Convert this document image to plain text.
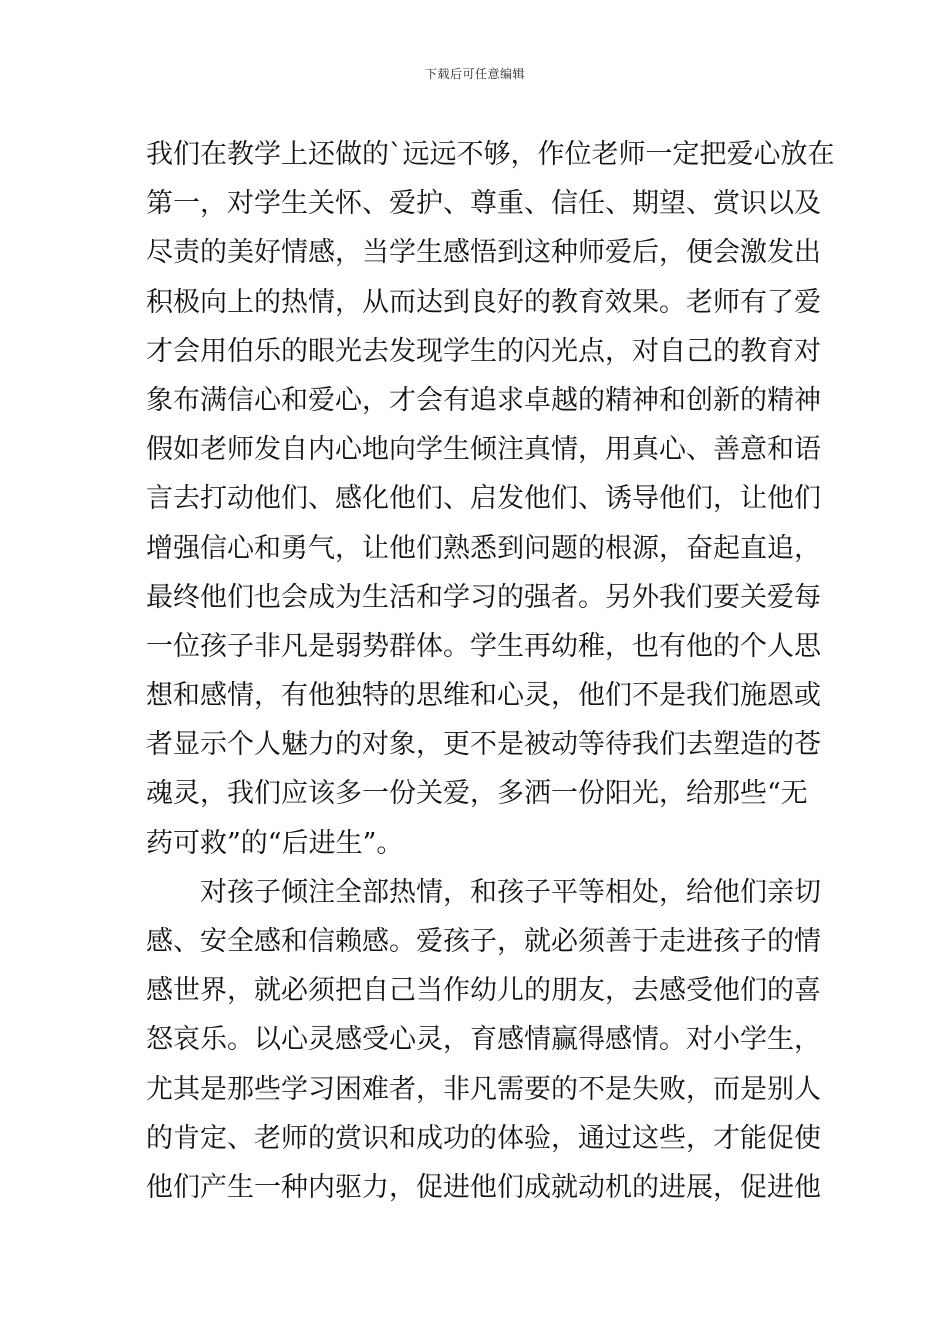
下载后可任意编辑
我们在教学上还做的`远远不够，作位老师一定把爱心放在
第一，对学生关怀、爱护、尊重、信任、期望、赏识以及
尽责的美好情感，当学生感悟到这种师爱后，便会激发出
积极向上的热情，从而达到良好的教育效果。老师有了爱
才会用伯乐的眼光去发现学生的闪光点，对自己的教育对
象布满信心和爱心，才会有追求卓越的精神和创新的精神
假如老师发自内心地向学生倾注真情，用真心、善意和语
言去打动他们、感化他们、启发他们、诱导他们，让他们
增强信心和勇气，让他们熟悉到问题的根源，奋起直追，
最终他们也会成为生活和学习的强者。另外我们要关爱每
一位孩子非凡是弱势群体。学生再幼稚，也有他的个人思
想和感情，有他独特的思维和心灵，他们不是我们施恩或
者显示个人魅力的对象，更不是被动等待我们去塑造的苍
魂灵，我们应该多一份关爱，多洒一份阳光，给那些“无
药可救”的“后进生”。
对孩子倾注全部热情，和孩子平等相处，给他们亲切
感、安全感和信赖感。爱孩子，就必须善于走进孩子的情
感世界，就必须把自己当作幼儿的朋友，去感受他们的喜
怒哀乐。以心灵感受心灵，育感情赢得感情。对小学生，
尤其是那些学习困难者，非凡需要的不是失败，而是别人
的肯定、老师的赏识和成功的体验，通过这些，才能促使
他们产生一种内驱力，促进他们成就动机的进展，促进他
